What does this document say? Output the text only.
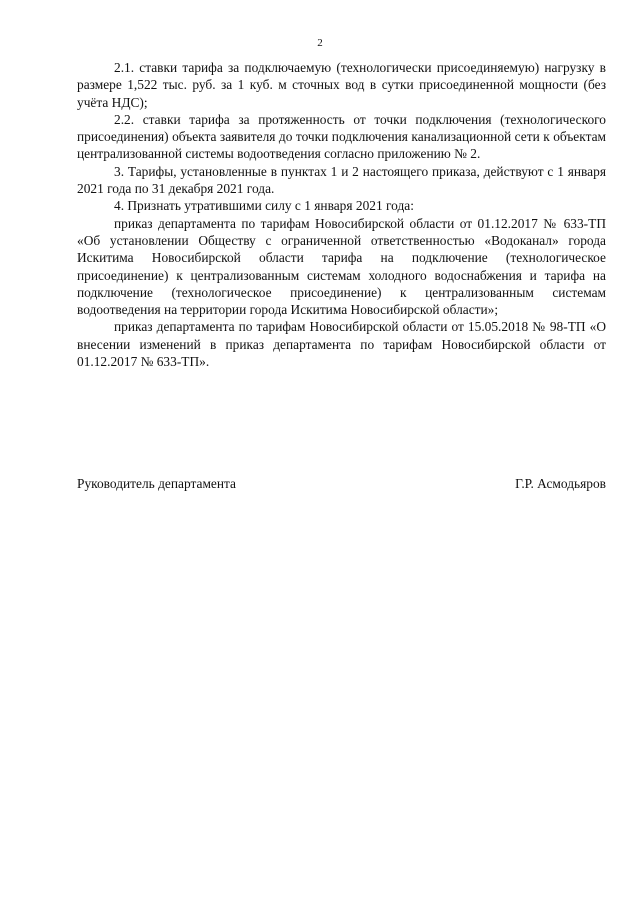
2

2.1. ставки тарифа за подключаемую (технологически присоединяемую) нагрузку в размере 1,522 тыс. руб. за 1 куб. м сточных вод в сутки присоединенной мощности (без учёта НДС);

2.2. ставки тарифа за протяженность от точки подключения (технологического присоединения) объекта заявителя до точки подключения канализационной сети к объектам централизованной системы водоотведения согласно приложению № 2.

3. Тарифы, установленные в пунктах 1 и 2 настоящего приказа, действуют с 1 января 2021 года по 31 декабря 2021 года.

4. Признать утратившими силу с 1 января 2021 года:

приказ департамента по тарифам Новосибирской области от 01.12.2017 № 633-ТП «Об установлении Обществу с ограниченной ответственностью «Водоканал» города Искитима Новосибирской области тарифа на подключение (технологическое присоединение) к централизованным системам холодного водоснабжения и тарифа на подключение (технологическое присоединение) к централизованным системам водоотведения на территории города Искитима Новосибирской области»;

приказ департамента по тарифам Новосибирской области от 15.05.2018 № 98-ТП «О внесении изменений в приказ департамента по тарифам Новосибирской области от 01.12.2017 № 633-ТП».

Руководитель департамента	Г.Р. Асмодьяров
